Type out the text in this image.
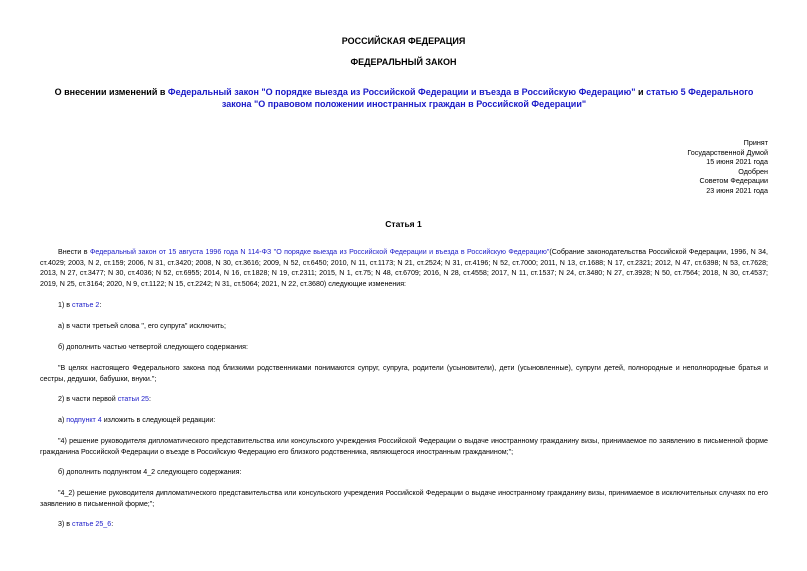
РОССИЙСКАЯ ФЕДЕРАЦИЯ
ФЕДЕРАЛЬНЫЙ ЗАКОН
О внесении изменений в Федеральный закон "О порядке выезда из Российской Федерации и въезда в Российскую Федерацию" и статью 5 Федерального закона "О правовом положении иностранных граждан в Российской Федерации"
Принят
Государственной Думой
15 июня 2021 года
Одобрен
Советом Федерации
23 июня 2021 года
Статья 1
Внести в Федеральный закон от 15 августа 1996 года N 114-ФЗ "О порядке выезда из Российской Федерации и въезда в Российскую Федерацию"(Собрание законодательства Российской Федерации, 1996, N 34, ст.4029; 2003, N 2, ст.159; 2006, N 31, ст.3420; 2008, N 30, ст.3616; 2009, N 52, ст.6450; 2010, N 11, ст.1173; N 21, ст.2524; N 31, ст.4196; N 52, ст.7000; 2011, N 13, ст.1688; N 17, ст.2321; 2012, N 47, ст.6398; N 53, ст.7628; 2013, N 27, ст.3477; N 30, ст.4036; N 52, ст.6955; 2014, N 16, ст.1828; N 19, ст.2311; 2015, N 1, ст.75; N 48, ст.6709; 2016, N 28, ст.4558; 2017, N 11, ст.1537; N 24, ст.3480; N 27, ст.3928; N 50, ст.7564; 2018, N 30, ст.4537; 2019, N 25, ст.3164; 2020, N 9, ст.1122; N 15, ст.2242; N 31, ст.5064; 2021, N 22, ст.3680) следующие изменения:
1) в статье 2:
а) в части третьей слова ", его супруга" исключить;
б) дополнить частью четвертой следующего содержания:
"В целях настоящего Федерального закона под близкими родственниками понимаются супруг, супруга, родители (усыновители), дети (усыновленные), супруги детей, полнородные и неполнородные братья и сестры, дедушки, бабушки, внуки.";
2) в части первой статьи 25:
а) подпункт 4 изложить в следующей редакции:
"4) решение руководителя дипломатического представительства или консульского учреждения Российской Федерации о выдаче иностранному гражданину визы, принимаемое по заявлению в письменной форме гражданина Российской Федерации о въезде в Российскую Федерацию его близкого родственника, являющегося иностранным гражданином;";
б) дополнить подпунктом 4_2 следующего содержания:
"4_2) решение руководителя дипломатического представительства или консульского учреждения Российской Федерации о выдаче иностранному гражданину визы, принимаемое в исключительных случаях по его заявлению в письменной форме;";
3) в статье 25_6:
